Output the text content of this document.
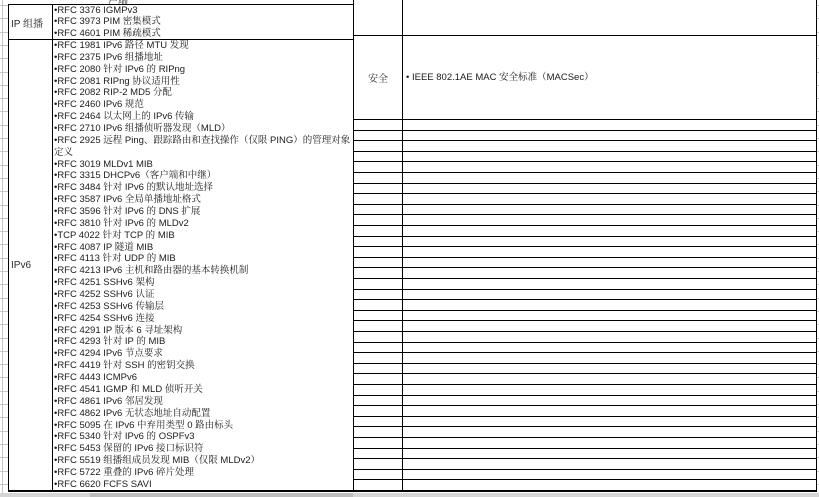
IP 组播
IPv6
•RFC 3376 IGMPv3
•RFC 3973 PIM 密集模式
•RFC 4601 PIM 稀疏模式
•RFC 1981 IPv6 路径 MTU 发现
•RFC 2375 IPv6 组播地址
•RFC 2080 针对 IPv6 的 RIPng
•RFC 2081 RIPng 协议适用性
•RFC 2082 RIP-2 MD5 分配
•RFC 2460 IPv6 规范
•RFC 2464 以太网上的 IPv6 传输
•RFC 2710 IPv6 组播侦听器发现（MLD）
•RFC 2925 远程 Ping、跟踪路由和查找操作（仅限 PING）的管理对象定义
•RFC 3019 MLDv1 MIB
•RFC 3315 DHCPv6（客户端和中继）
•RFC 3484 针对 IPv6 的默认地址选择
•RFC 3587 IPv6 全局单播地址格式
•RFC 3596 针对 IPv6 的 DNS 扩展
•RFC 3810 针对 IPv6 的 MLDv2
•TCP 4022 针对 TCP 的 MIB
•RFC 4087 IP 隧道 MIB
•RFC 4113 针对 UDP 的 MIB
•RFC 4213 IPv6 主机和路由器的基本转换机制
•RFC 4251 SSHv6 架构
•RFC 4252 SSHv6 认证
•RFC 4253 SSHv6 传输层
•RFC 4254 SSHv6 连接
•RFC 4291 IP 版本 6 寻址架构
•RFC 4293 针对 IP 的 MIB
•RFC 4294 IPv6 节点要求
•RFC 4419 针对 SSH 的密钥交换
•RFC 4443 ICMPv6
•RFC 4541 IGMP 和 MLD 侦听开关
•RFC 4861 IPv6 邻居发现
•RFC 4862 IPv6 无状态地址自动配置
•RFC 5095 在 IPv6 中弃用类型 0 路由标头
•RFC 5340 针对 IPv6 的 OSPFv3
•RFC 5453 保留的 IPv6 接口标识符
•RFC 5519 组播组成员发现 MIB（仅限 MLDv2）
•RFC 5722 重叠的 IPv6 碎片处理
•RFC 6620 FCFS SAVI
安全	• IEEE 802.1AE MAC 安全标准（MACSec）
